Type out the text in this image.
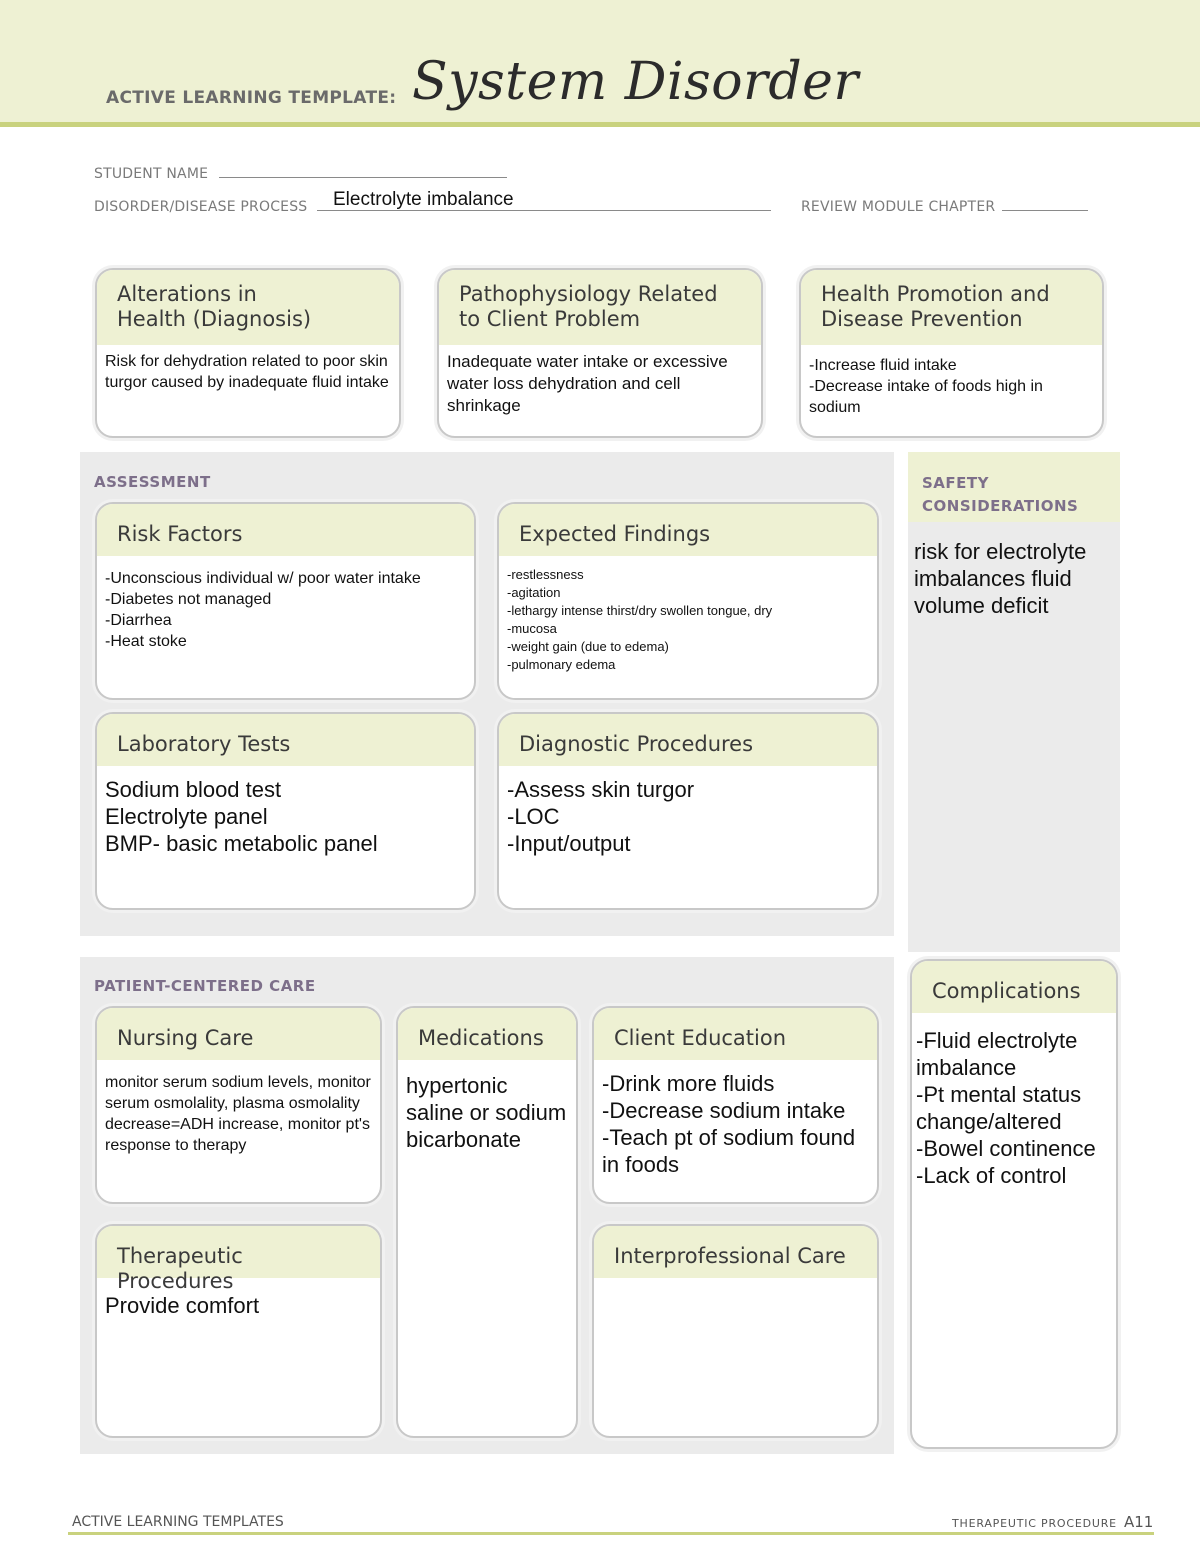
ACTIVE LEARNING TEMPLATE: System Disorder
STUDENT NAME
DISORDER/DISEASE PROCESS	Electrolyte imbalance	REVIEW MODULE CHAPTER
Alterations in
Health (Diagnosis)
Risk for dehydration related to poor skin turgor caused by inadequate fluid intake
Pathophysiology Related
to Client Problem
Inadequate water intake or excessive water loss dehydration and cell shrinkage
Health Promotion and
Disease Prevention
-Increase fluid intake
-Decrease intake of foods high in sodium
ASSESSMENT
Risk Factors
-Unconscious individual w/ poor water intake
-Diabetes not managed
-Diarrhea
-Heat stoke
Expected Findings
-restlessness
-agitation
-lethargy intense thirst/dry swollen tongue, dry
-mucosa
-weight gain (due to edema)
-pulmonary edema
Laboratory Tests
Sodium blood test
Electrolyte panel
BMP- basic metabolic panel
Diagnostic Procedures
-Assess skin turgor
-LOC
-Input/output
SAFETY
CONSIDERATIONS
risk for electrolyte imbalances fluid volume deficit
PATIENT-CENTERED CARE
Nursing Care
monitor serum sodium levels, monitor serum osmolality, plasma osmolality decrease=ADH increase, monitor pt's response to therapy
Medications
hypertonic saline or sodium bicarbonate
Client Education
-Drink more fluids
-Decrease sodium intake
-Teach pt of sodium found in foods
Therapeutic Procedures
Provide comfort
Interprofessional Care
Complications
-Fluid electrolyte imbalance
-Pt mental status change/altered
-Bowel continence
-Lack of control
ACTIVE LEARNING TEMPLATES	THERAPEUTIC PROCEDURE A11
